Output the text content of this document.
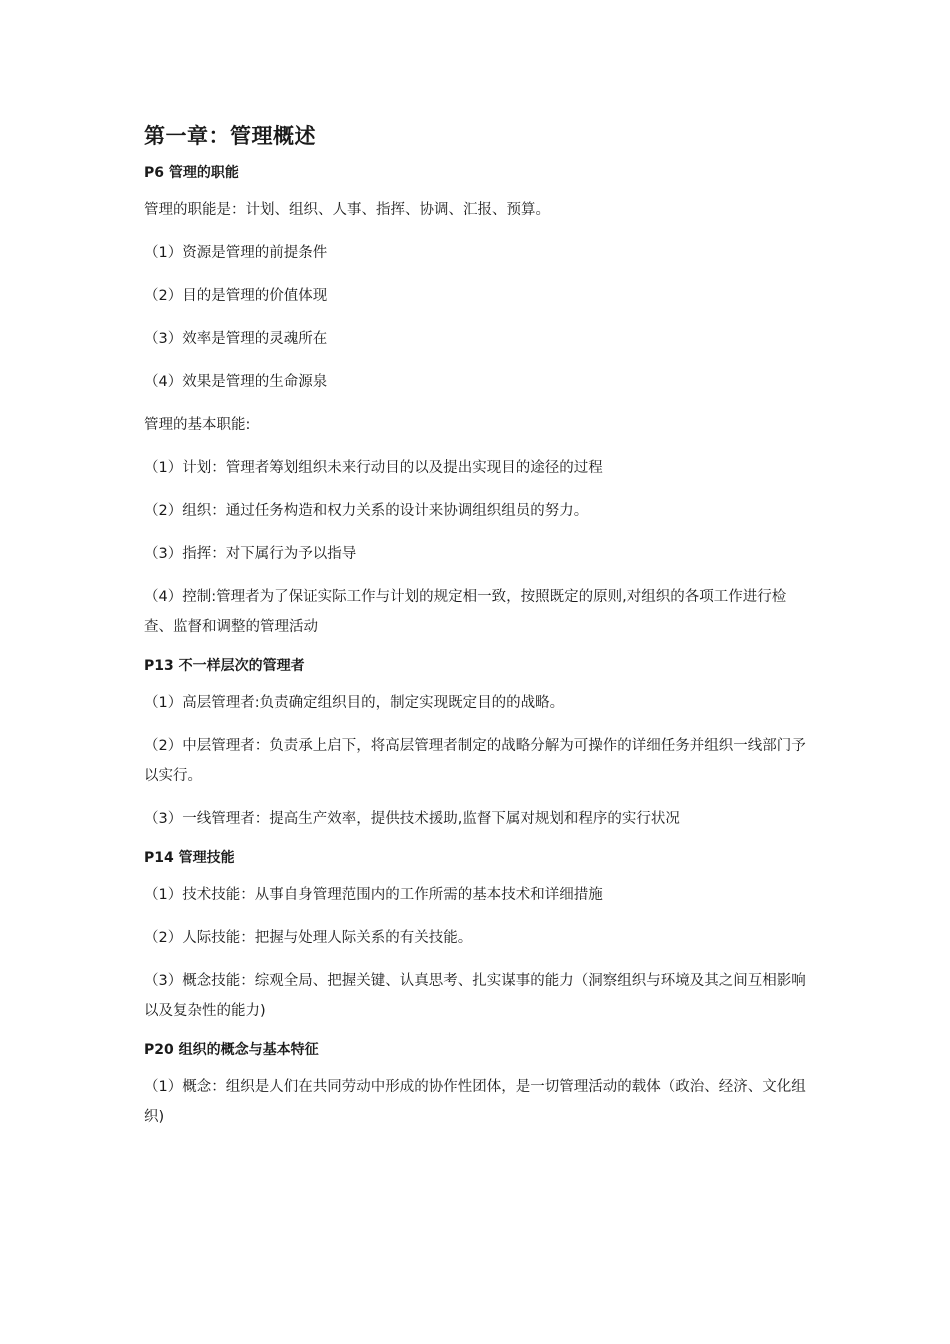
第一章：管理概述
P6 管理的职能

管理的职能是：计划、组织、人事、指挥、协调、汇报、预算。

（1）资源是管理的前提条件

（2）目的是管理的价值体现

（3）效率是管理的灵魂所在

（4）效果是管理的生命源泉

管理的基本职能:

（1）计划：管理者筹划组织未来行动目的以及提出实现目的途径的过程

（2）组织：通过任务构造和权力关系的设计来协调组织组员的努力。

（3）指挥：对下属行为予以指导

（4）控制:管理者为了保证实际工作与计划的规定相一致，按照既定的原则,对组织的各项工作进行检查、监督和调整的管理活动

P13 不一样层次的管理者

（1）高层管理者:负责确定组织目的，制定实现既定目的的战略。

（2）中层管理者：负责承上启下，将高层管理者制定的战略分解为可操作的详细任务并组织一线部门予以实行。

（3）一线管理者：提高生产效率，提供技术援助,监督下属对规划和程序的实行状况

P14 管理技能

（1）技术技能：从事自身管理范围内的工作所需的基本技术和详细措施

（2）人际技能：把握与处理人际关系的有关技能。

（3）概念技能：综观全局、把握关键、认真思考、扎实谋事的能力（洞察组织与环境及其之间互相影响以及复杂性的能力)

P20 组织的概念与基本特征

（1）概念：组织是人们在共同劳动中形成的协作性团体，是一切管理活动的载体（政治、经济、文化组织)
